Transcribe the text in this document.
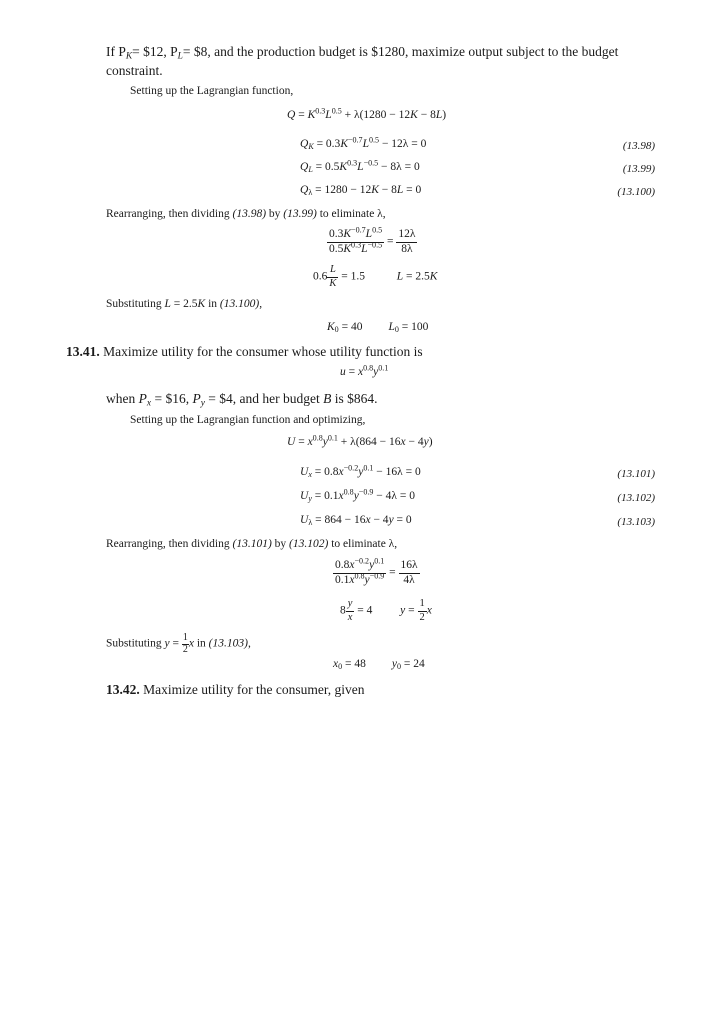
If $P_K=$ $12, $P_L=$ $8, and the production budget is $1280, maximize output subject to the budget
constraint.
Setting up the Lagrangian function,
$Q = K^{0.3}L^{0.5} + \lambda(1280 - 12K - 8L)$
$Q_K = 0.3K^{-0.7}L^{0.5} - 12\lambda = 0$	(13.98)
$Q_L = 0.5K^{0.3}L^{-0.5} - 8\lambda = 0$	(13.99)
$Q_\lambda = 1280 - 12K - 8L = 0$	(13.100)
Rearranging, then dividing (13.98) by (13.99) to eliminate λ,
$\frac{0.3K^{-0.7}L^{0.5}}{0.5K^{0.3}L^{-0.5}} = \frac{12\lambda}{8\lambda}$
$0.6 \frac{L}{K} = 1.5$	L = 2.5K
Substituting L = 2.5K in (13.100),
$K_0 = 40$ $L_0 = 100$
13.41. Maximize utility for the consumer whose utility function is
$u = x^{0.8}y^{0.1}$
when $P_x$ = $16, $P_y$ = $4, and her budget B is $864.
Setting up the Lagrangian function and optimizing,
$U = x^{0.8}y^{0.1} + \lambda(864 - 16x - 4y)$
$U_x = 0.8x^{-0.2}y^{0.1} - 16\lambda = 0$	(13.101)
$U_y = 0.1x^{0.8}y^{-0.9} - 4\lambda = 0$	(13.102)
$U_\lambda = 864 - 16x - 4y = 0$	(13.103)
Rearranging, then dividing (13.101) by (13.102) to eliminate λ,
$\frac{0.8x^{-0.2}y^{0.1}}{0.1x^{0.8}y^{-0.9}} = \frac{16\lambda}{4\lambda}$
$8 \frac{y}{x} = 4$  $y = \frac{1}{2}$ x
Substituting $y = \frac{1}{2}$ x in (13.103),
$x_0 = 48$ $y_0 = 24$
13.42. Maximize utility for the consumer, given
